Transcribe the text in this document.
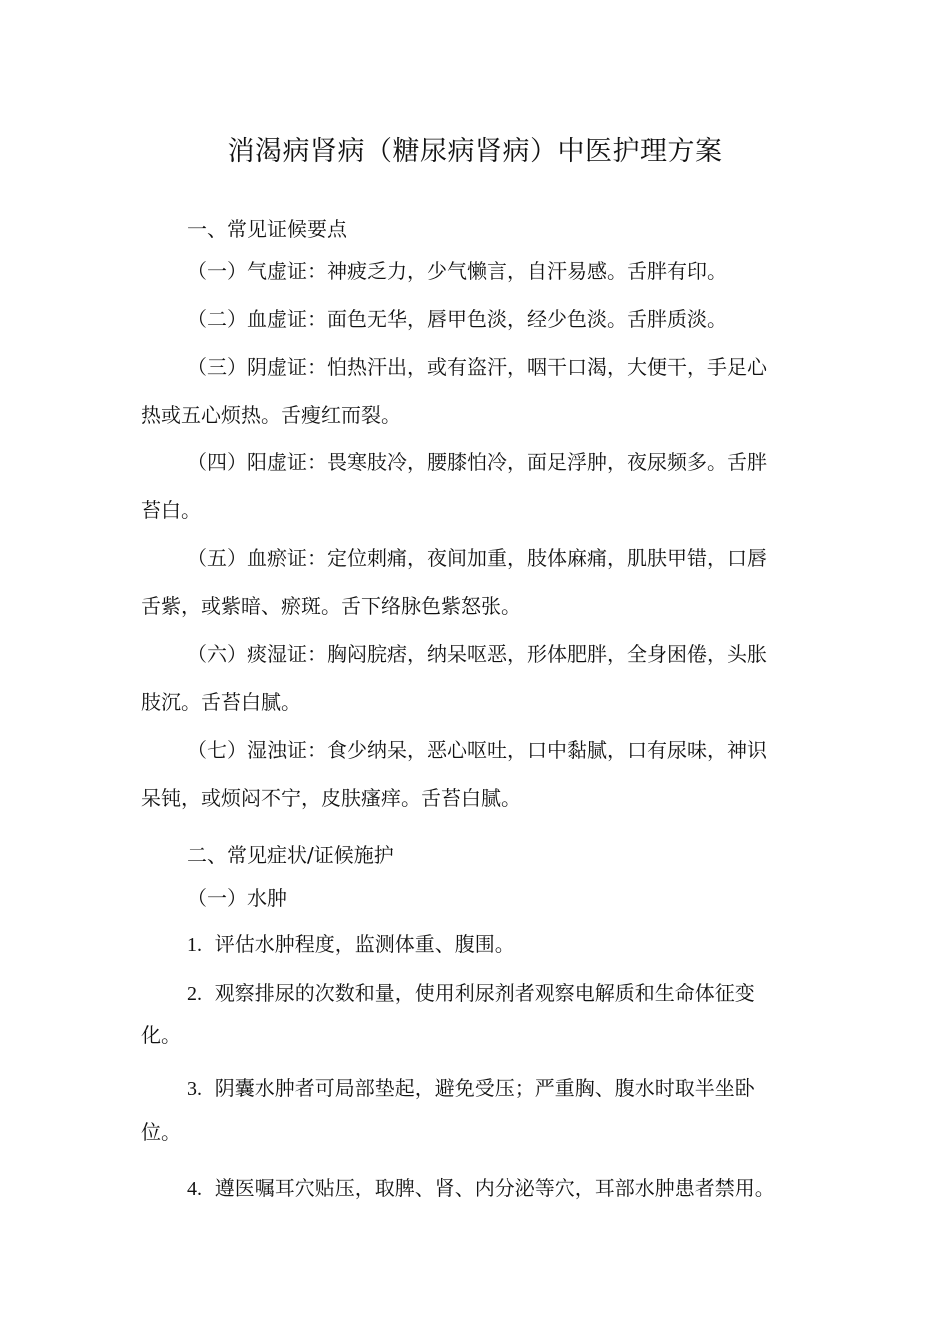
消渴病肾病（糖尿病肾病）中医护理方案
一、常见证候要点
（一）气虚证：神疲乏力，少气懒言，自汗易感。舌胖有印。
（二）血虚证：面色无华，唇甲色淡，经少色淡。舌胖质淡。
（三）阴虚证：怕热汗出，或有盗汗，咽干口渴，大便干，手足心
热或五心烦热。舌瘦红而裂。
（四）阳虚证：畏寒肢冷，腰膝怕冷，面足浮肿，夜尿频多。舌胖
苔白。
（五）血瘀证：定位刺痛，夜间加重，肢体麻痛，肌肤甲错，口唇
舌紫，或紫暗、瘀斑。舌下络脉色紫怒张。
（六）痰湿证：胸闷脘痞，纳呆呕恶，形体肥胖，全身困倦，头胀
肢沉。舌苔白腻。
（七）湿浊证：食少纳呆，恶心呕吐，口中黏腻，口有尿味，神识
呆钝，或烦闷不宁，皮肤瘙痒。舌苔白腻。
二、常见症状/证候施护
（一）水肿
1. 评估水肿程度，监测体重、腹围。
2. 观察排尿的次数和量，使用利尿剂者观察电解质和生命体征变
化。
3. 阴囊水肿者可局部垫起，避免受压；严重胸、腹水时取半坐卧
位。
4. 遵医嘱耳穴贴压，取脾、肾、内分泌等穴，耳部水肿患者禁用。
